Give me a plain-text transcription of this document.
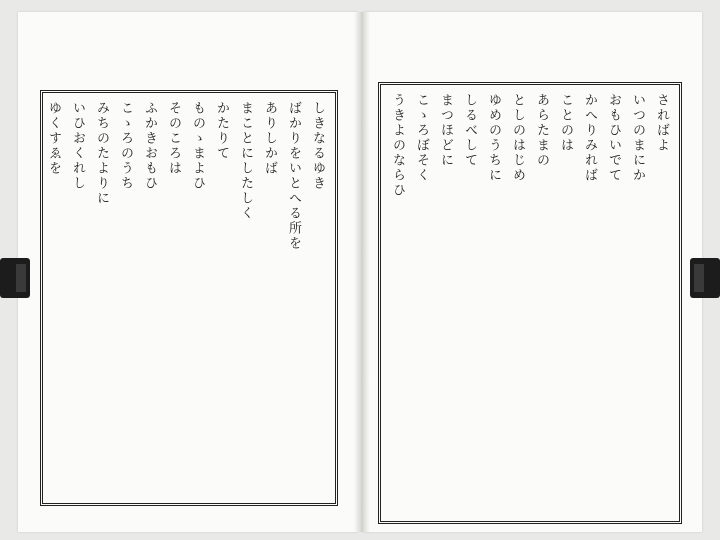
しきなるゆき
ばかりをいとへる所を
ありしかば
まことにしたしく
かたりて
ものゝまよひ
そのころは
ふかきおもひ
こゝろのうち
みちのたよりに
いひおくれし
ゆくすゑを	さればよ
いつのまにか
おもひいでて
かへりみれば
ことのは
あらたまの
としのはじめ
ゆめのうちに
しるべして
まつほどに
こゝろぼそく
うきよのならひ
